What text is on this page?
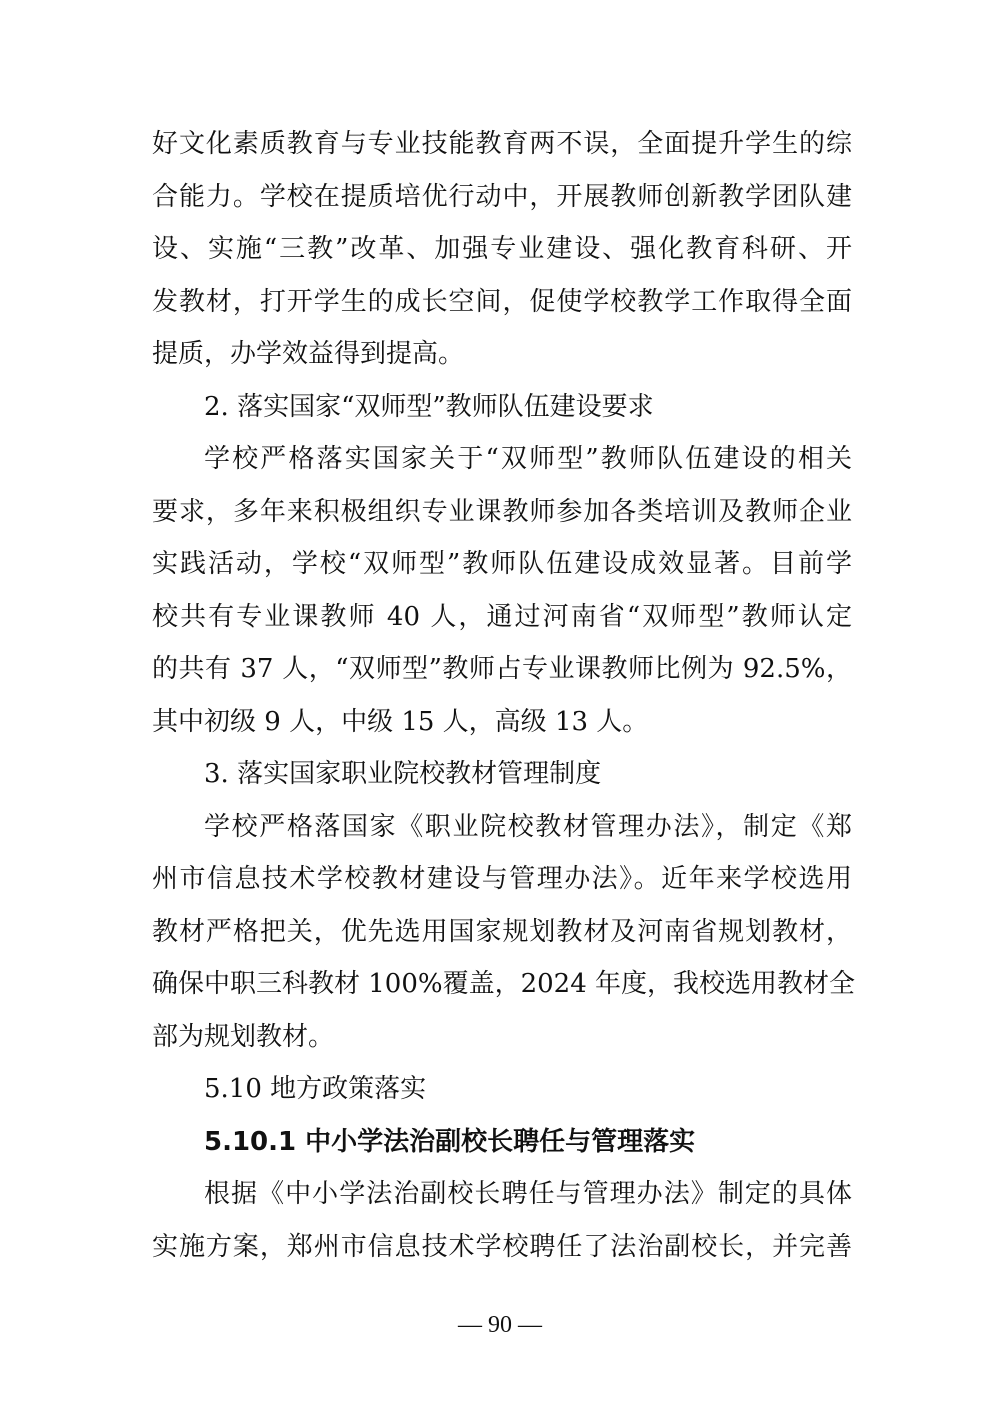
好文化素质教育与专业技能教育两不误，全面提升学生的综
合能力。学校在提质培优行动中，开展教师创新教学团队建
设、实施“三教”改革、加强专业建设、强化教育科研、开
发教材，打开学生的成长空间，促使学校教学工作取得全面
提质，办学效益得到提高。
2. 落实国家“双师型”教师队伍建设要求
学校严格落实国家关于“双师型”教师队伍建设的相关
要求，多年来积极组织专业课教师参加各类培训及教师企业
实践活动，学校“双师型”教师队伍建设成效显著。目前学
校共有专业课教师 40 人，通过河南省“双师型”教师认定
的共有 37 人，“双师型”教师占专业课教师比例为 92.5%，
其中初级 9 人，中级 15 人，高级 13 人。
3. 落实国家职业院校教材管理制度
学校严格落国家《职业院校教材管理办法》，制定《郑
州市信息技术学校教材建设与管理办法》。近年来学校选用
教材严格把关，优先选用国家规划教材及河南省规划教材，
确保中职三科教材 100%覆盖，2024 年度，我校选用教材全
部为规划教材。
5.10 地方政策落实
5.10.1 中小学法治副校长聘任与管理落实
根据《中小学法治副校长聘任与管理办法》制定的具体
实施方案，郑州市信息技术学校聘任了法治副校长，并完善
— 90 —
